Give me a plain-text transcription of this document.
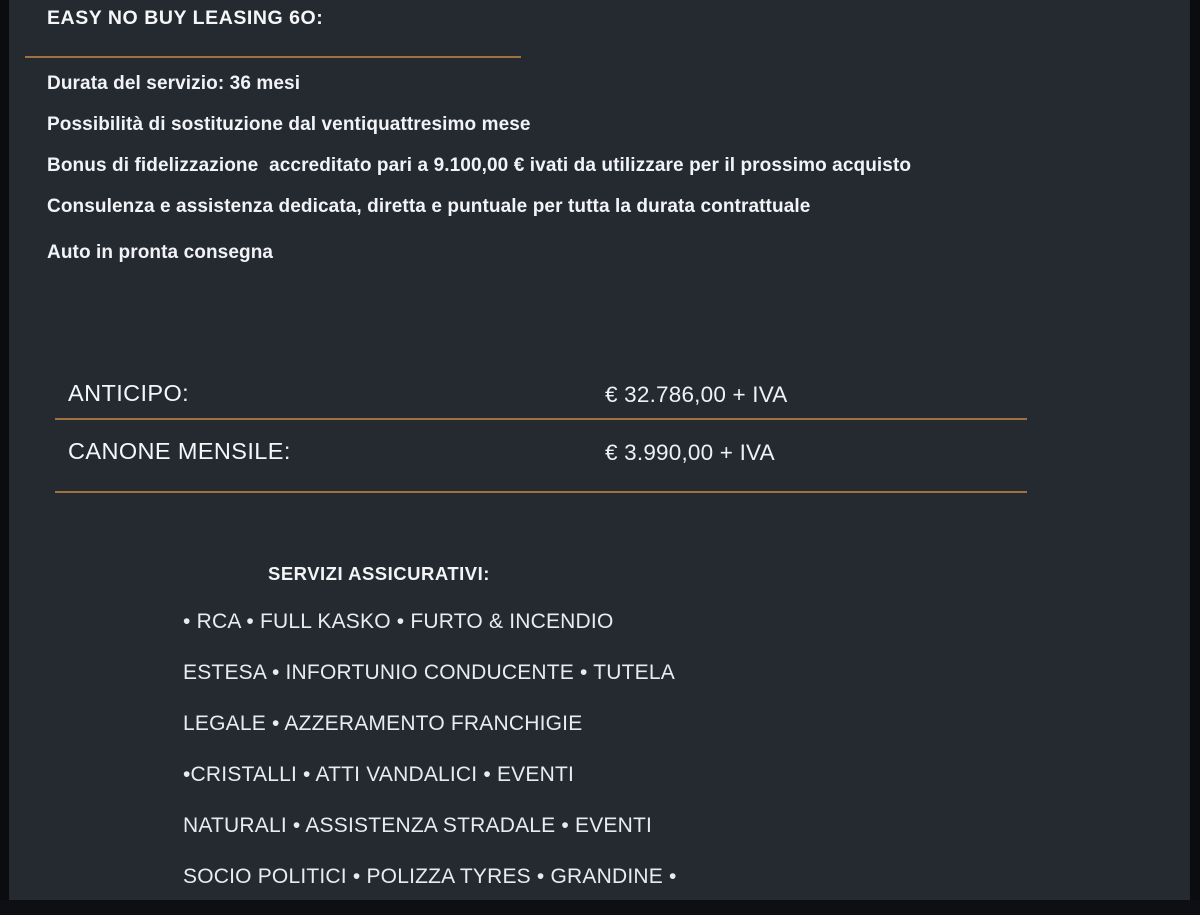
EASY NO BUY LEASING 6O:

Durata del servizio: 36 mesi

Possibilità di sostituzione dal ventiquattresimo mese

Bonus di fidelizzazione  accreditato pari a 9.100,00 € ivati da utilizzare per il prossimo acquisto

Consulenza e assistenza dedicata, diretta e puntuale per tutta la durata contrattuale

Auto in pronta consegna

ANTICIPO:	€ 32.786,00 + IVA
CANONE MENSILE:	€ 3.990,00 + IVA
SERVIZI ASSICURATIVI:

• RCA • FULL KASKO • FURTO & INCENDIO

ESTESA • INFORTUNIO CONDUCENTE • TUTELA

LEGALE • AZZERAMENTO FRANCHIGIE

•CRISTALLI • ATTI VANDALICI • EVENTI

NATURALI • ASSISTENZA STRADALE • EVENTI

SOCIO POLITICI • POLIZZA TYRES • GRANDINE •
